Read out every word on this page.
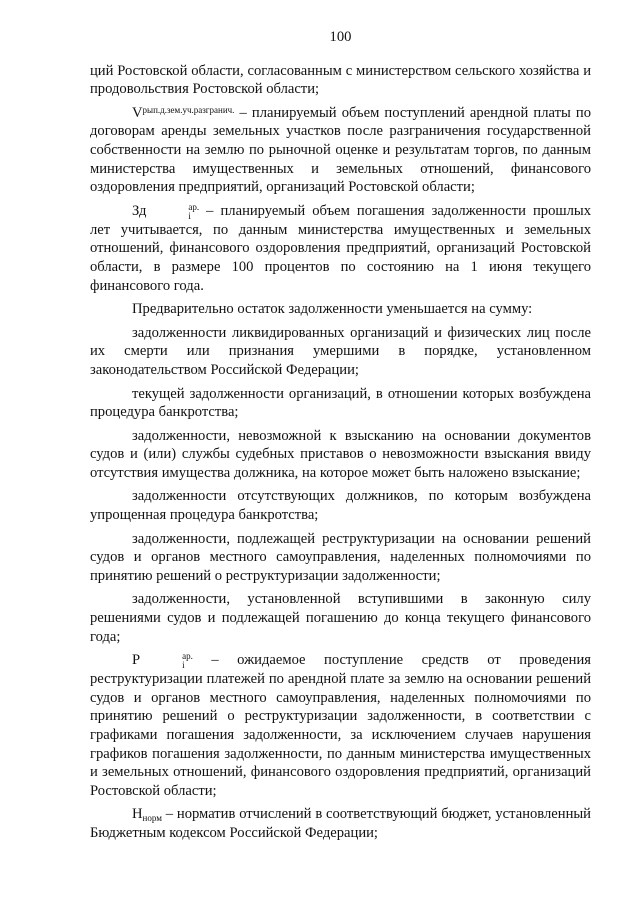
100

ций Ростовской области, согласованным с министерством сельского хозяйства и продовольствия Ростовской области;

$V^{рып.д.зем.уч.разгранич.}$ – планируемый объем поступлений арендной платы по договорам аренды земельных участков после разграничения государственной собственности на землю по рыночной оценке и результатам торгов, по данным министерства имущественных и земельных отношений, финансового оздоровления предприятий, организаций Ростовской области;

Зд	ар.
i – планируемый объем погашения задолженности прошлых лет учитывается, по данным министерства имущественных и земельных отношений, финансового оздоровления предприятий, организаций Ростовской области, в размере 100 процентов по состоянию на 1 июня текущего финансового года.

Предварительно остаток задолженности уменьшается на сумму:

задолженности ликвидированных организаций и физических лиц после их смерти или признания умершими в порядке, установленном законодательством Российской Федерации;

текущей задолженности организаций, в отношении которых возбуждена процедура банкротства;

задолженности, невозможной к взысканию на основании документов судов и (или) службы судебных приставов о невозможности взыскания ввиду отсутствия имущества должника, на которое может быть наложено взыскание;

задолженности отсутствующих должников, по которым возбуждена упрощенная процедура банкротства;

задолженности, подлежащей реструктуризации на основании решений судов и органов местного самоуправления, наделенных полномочиями по принятию решений о реструктуризации задолженности;

задолженности, установленной вступившими в законную силу решениями судов и подлежащей погашению до конца текущего финансового года;

P	ар.
i – ожидаемое поступление средств от проведения реструктуризации платежей по арендной плате за землю на основании решений судов и органов местного самоуправления, наделенных полномочиями по принятию решений о реструктуризации задолженности, в соответствии с графиками погашения задолженности, за исключением случаев нарушения графиков погашения задолженности, по данным министерства имущественных и земельных отношений, финансового оздоровления предприятий, организаций Ростовской области;

$Н_{норм}$ – норматив отчислений в соответствующий бюджет, установленный Бюджетным кодексом Российской Федерации;
